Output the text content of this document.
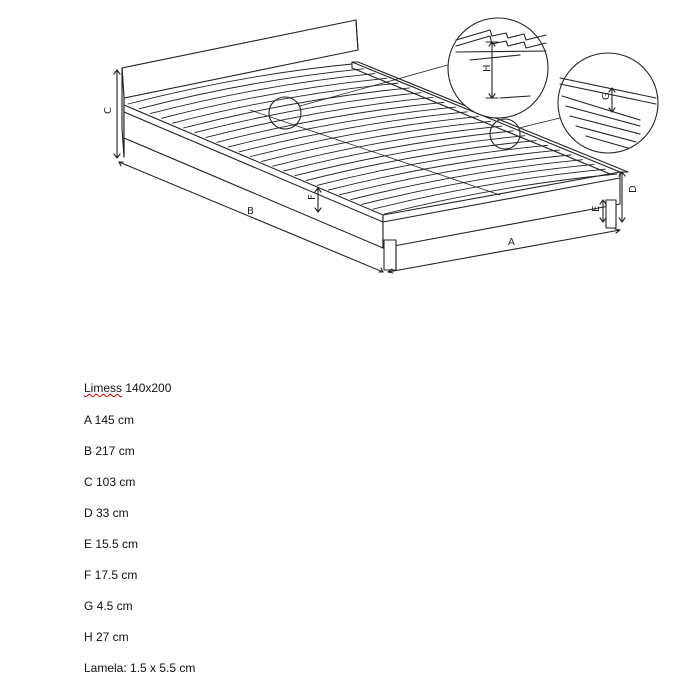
H
G
C
B
A
D
E
F
Limess 140x200
A 145 cm
B 217 cm
C 103 cm
D 33 cm
E 15.5 cm
F 17.5 cm
G 4.5 cm
H 27 cm
Lamela: 1.5 x 5.5 cm
